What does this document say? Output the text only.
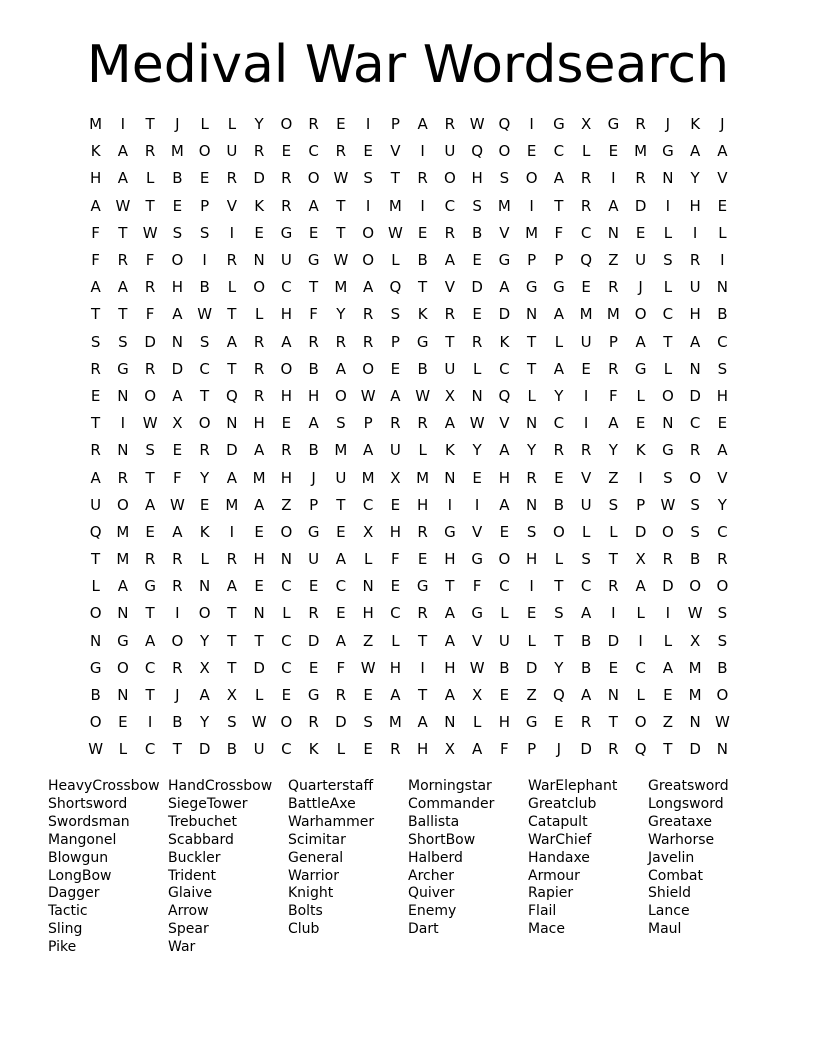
Medival War Wordsearch
M	I	T	J	L	L	Y	O	R	E	I	P	A	R W Q	I	G	X	G	R	J	K	J
K	A	R	M O	U	R	E	C	R	E	V	I	U	Q	O	E	C	L	E	M G	A	A
H	A	L	B	E	R	D	R	O W	S	T	R	O	H	S	O	A	R	I	R	N	Y	V
A W	T	E	P	V	K	R	A	T	I	M	I	C	S	M	I	T	R	A	D	I	H	E
F	T	W	S	S	I	E	G	E	T	O W	E	R	B	V	M	F	C	N	E	L	I	L
F	R	F	O	I	R	N	U	G W O	L	B	A	E	G	P	P	Q	Z	U	S	R	I
A	A	R	H	B	L	O	C	T	M	A	Q	T	V	D	A	G	G	E	R	J	L	U	N
T	T	F	A W	T	L	H	F	Y	R	S	K	R	E	D	N	A	M M O	C	H	B
S	S	D	N	S	A	R	A	R	R	R	P	G	T	R	K	T	L	U	P	A	T	A	C
R	G	R	D	C	T	R	O	B	A	O	E	B	U	L	C	T	A	E	R	G	L	N	S
E	N	O	A	T	Q	R	H	H	O W A W X	N	Q	L	Y	I	F	L	O	D	H
T	I	W X	O	N	H	E	A	S	P	R	R	A W V	N	C	I	A	E	N	C	E
R	N	S	E	R	D	A	R	B	M	A	U	L	K	Y	A	Y	R	R	Y	K	G	R	A
A	R	T	F	Y	A	M	H	J	U	M	X	M	N	E	H	R	E	V	Z	I	S	O	V
U	O	A W	E	M	A	Z	P	T	C	E	H	I	I	A	N	B	U	S	P	W	S	Y
Q M	E	A	K	I	E	O	G	E	X	H	R	G	V	E	S	O	L	L	D	O	S	C
T	M	R	R	L	R	H	N	U	A	L	F	E	H	G	O	H	L	S	T	X	R	B	R
L	A	G	R	N	A	E	C	E	C	N	E	G	T	F	C	I	T	C	R	A	D	O	O
O	N	T	I	O	T	N	L	R	E	H	C	R	A	G	L	E	S	A	I	L	I	W	S
N	G	A	O	Y	T	T	C	D	A	Z	L	T	A	V	U	L	T	B	D	I	L	X	S
G	O	C	R	X	T	D	C	E	F	W H	I	H W B	D	Y	B	E	C	A	M	B
B	N	T	J	A	X	L	E	G	R	E	A	T	A	X	E	Z	Q	A	N	L	E	M O
O	E	I	B	Y	S	W O	R	D	S	M	A	N	L	H	G	E	R	T	O	Z	N W
W	L	C	T	D	B	U	C	K	L	E	R	H	X	A	F	P	J	D	R	Q	T	D	N
HeavyCrossbow
Shortsword
Swordsman
Mangonel
Blowgun
LongBow
Dagger
Tactic
Sling
Pike
HandCrossbow
SiegeTower
Trebuchet
Scabbard
Buckler
Trident
Glaive
Arrow
Spear
War
Quarterstaff
BattleAxe
Warhammer
Scimitar
General
Warrior
Knight
Bolts
Club
Morningstar
Commander
Ballista
ShortBow
Halberd
Archer
Quiver
Enemy
Dart
WarElephant
Greatclub
Catapult
WarChief
Handaxe
Armour
Rapier
Flail
Mace
Greatsword
Longsword
Greataxe
Warhorse
Javelin
Combat
Shield
Lance
Maul
